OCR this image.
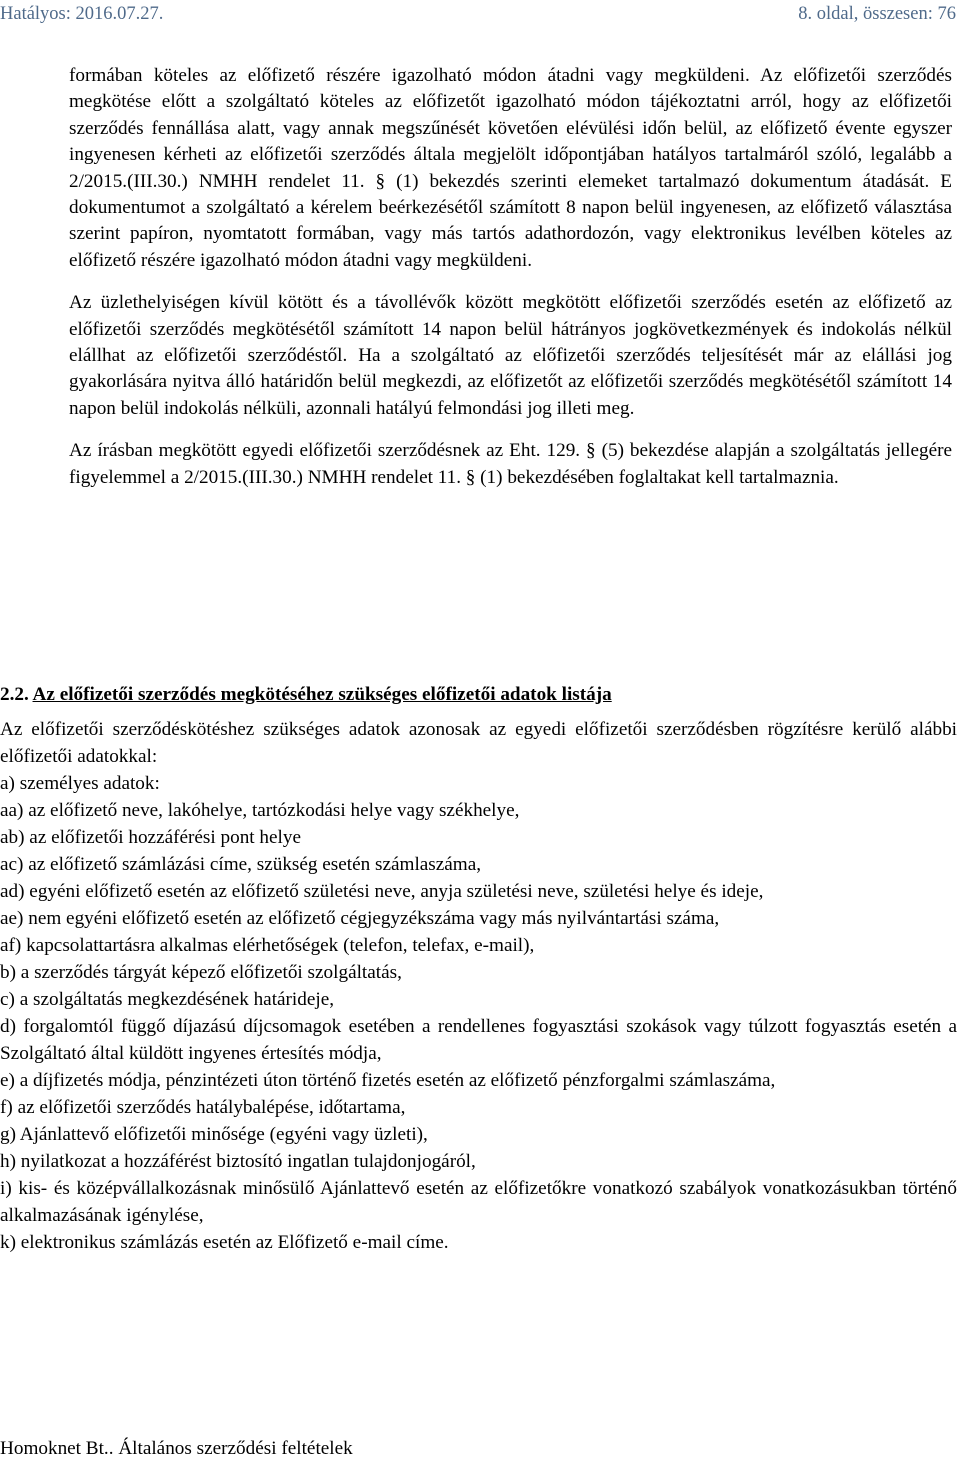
Hatályos: 2016.07.27.	8. oldal, összesen: 76

formában köteles az előfizető részére igazolható módon átadni vagy megküldeni. Az előfizetői szerződés megkötése előtt a szolgáltató köteles az előfizetőt igazolható módon tájékoztatni arról, hogy az előfizetői szerződés fennállása alatt, vagy annak megszűnését követően elévülési időn belül, az előfizető évente egyszer ingyenesen kérheti az előfizetői szerződés általa megjelölt időpontjában hatályos tartalmáról szóló, legalább a 2/2015.(III.30.) NMHH rendelet 11. § (1) bekezdés szerinti elemeket tartalmazó dokumentum átadását. E dokumentumot a szolgáltató a kérelem beérkezésétől számított 8 napon belül ingyenesen, az előfizető választása szerint papíron, nyomtatott formában, vagy más tartós adathordozón, vagy elektronikus levélben köteles az előfizető részére igazolható módon átadni vagy megküldeni.

Az üzlethelyiségen kívül kötött és a távollévők között megkötött előfizetői szerződés esetén az előfizető az előfizetői szerződés megkötésétől számított 14 napon belül hátrányos jogkövetkezmények és indokolás nélkül elállhat az előfizetői szerződéstől. Ha a szolgáltató az előfizetői szerződés teljesítését már az elállási jog gyakorlására nyitva álló határidőn belül megkezdi, az előfizetőt az előfizetői szerződés megkötésétől számított 14 napon belül indokolás nélküli, azonnali hatályú felmondási jog illeti meg.

Az írásban megkötött egyedi előfizetői szerződésnek az Eht. 129. § (5) bekezdése alapján a szolgáltatás jellegére figyelemmel a 2/2015.(III.30.) NMHH rendelet 11. § (1) bekezdésében foglaltakat kell tartalmaznia.

2.2. Az előfizetői szerződés megkötéséhez szükséges előfizetői adatok listája

Az előfizetői szerződéskötéshez szükséges adatok azonosak az egyedi előfizetői szerződésben rögzítésre kerülő alábbi előfizetői adatokkal:

a) személyes adatok:

aa) az előfizető neve, lakóhelye, tartózkodási helye vagy székhelye,

ab) az előfizetői hozzáférési pont helye

ac) az előfizető számlázási címe, szükség esetén számlaszáma,

ad) egyéni előfizető esetén az előfizető születési neve, anyja születési neve, születési helye és ideje,

ae) nem egyéni előfizető esetén az előfizető cégjegyzékszáma vagy más nyilvántartási száma,

af) kapcsolattartásra alkalmas elérhetőségek (telefon, telefax, e-mail),

b) a szerződés tárgyát képező előfizetői szolgáltatás,

c) a szolgáltatás megkezdésének határideje,

d) forgalomtól függő díjazású díjcsomagok esetében a rendellenes fogyasztási szokások vagy túlzott fogyasztás esetén a Szolgáltató által küldött ingyenes értesítés módja,

e) a díjfizetés módja, pénzintézeti úton történő fizetés esetén az előfizető pénzforgalmi számlaszáma,

f) az előfizetői szerződés hatálybalépése, időtartama,

g) Ajánlattevő előfizetői minősége (egyéni vagy üzleti),

h) nyilatkozat a hozzáférést biztosító ingatlan tulajdonjogáról,

i) kis- és középvállalkozásnak minősülő Ajánlattevő esetén az előfizetőkre vonatkozó szabályok vonatkozásukban történő alkalmazásának igénylése,

k) elektronikus számlázás esetén az Előfizető e-mail címe.

Homoknet Bt.. Általános szerződési feltételek
